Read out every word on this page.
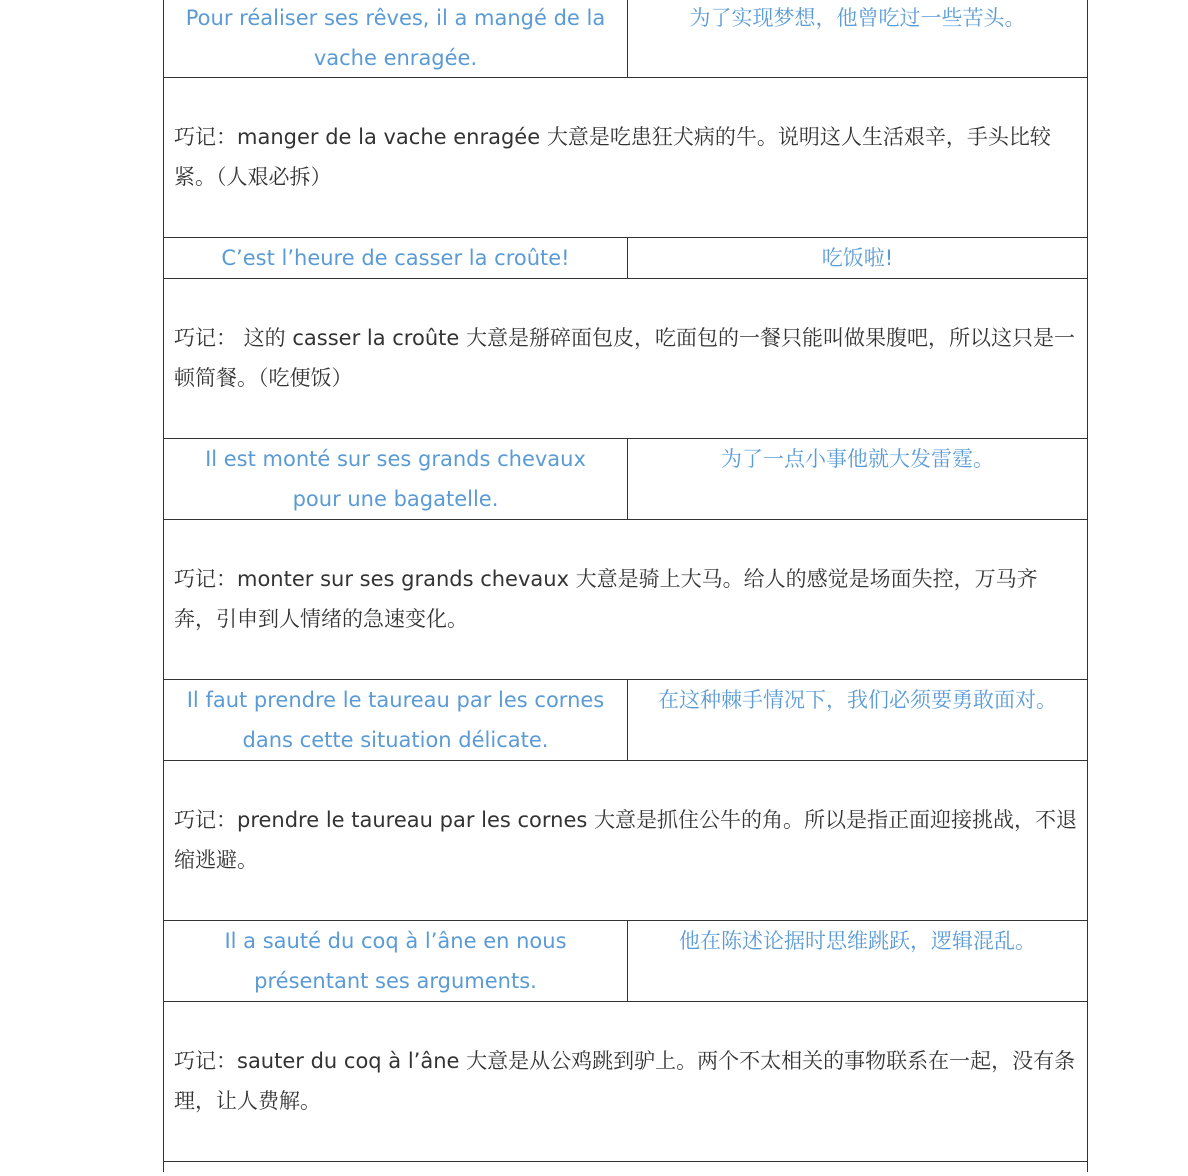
Pour réaliser ses rêves, il a mangé de la vache enragée.
为了实现梦想，他曾吃过一些苦头。
巧记：manger de la vache enragée 大意是吃患狂犬病的牛。说明这人生活艰辛，手头比较紧。（人艰必拆）
C’est l’heure de casser la croûte!	吃饭啦!
巧记： 这的 casser la croûte 大意是掰碎面包皮，吃面包的一餐只能叫做果腹吧，所以这只是一顿简餐。（吃便饭）
Il est monté sur ses grands chevaux pour une bagatelle.
为了一点小事他就大发雷霆。
巧记：monter sur ses grands chevaux 大意是骑上大马。给人的感觉是场面失控，万马齐奔，引申到人情绪的急速变化。
Il faut prendre le taureau par les cornes dans cette situation délicate.
在这种棘手情况下，我们必须要勇敢面对。
巧记：prendre le taureau par les cornes 大意是抓住公牛的角。所以是指正面迎接挑战，不退缩逃避。
Il a sauté du coq à l’âne en nous présentant ses arguments.
他在陈述论据时思维跳跃，逻辑混乱。
巧记：sauter du coq à l’âne 大意是从公鸡跳到驴上。两个不太相关的事物联系在一起，没有条理，让人费解。
